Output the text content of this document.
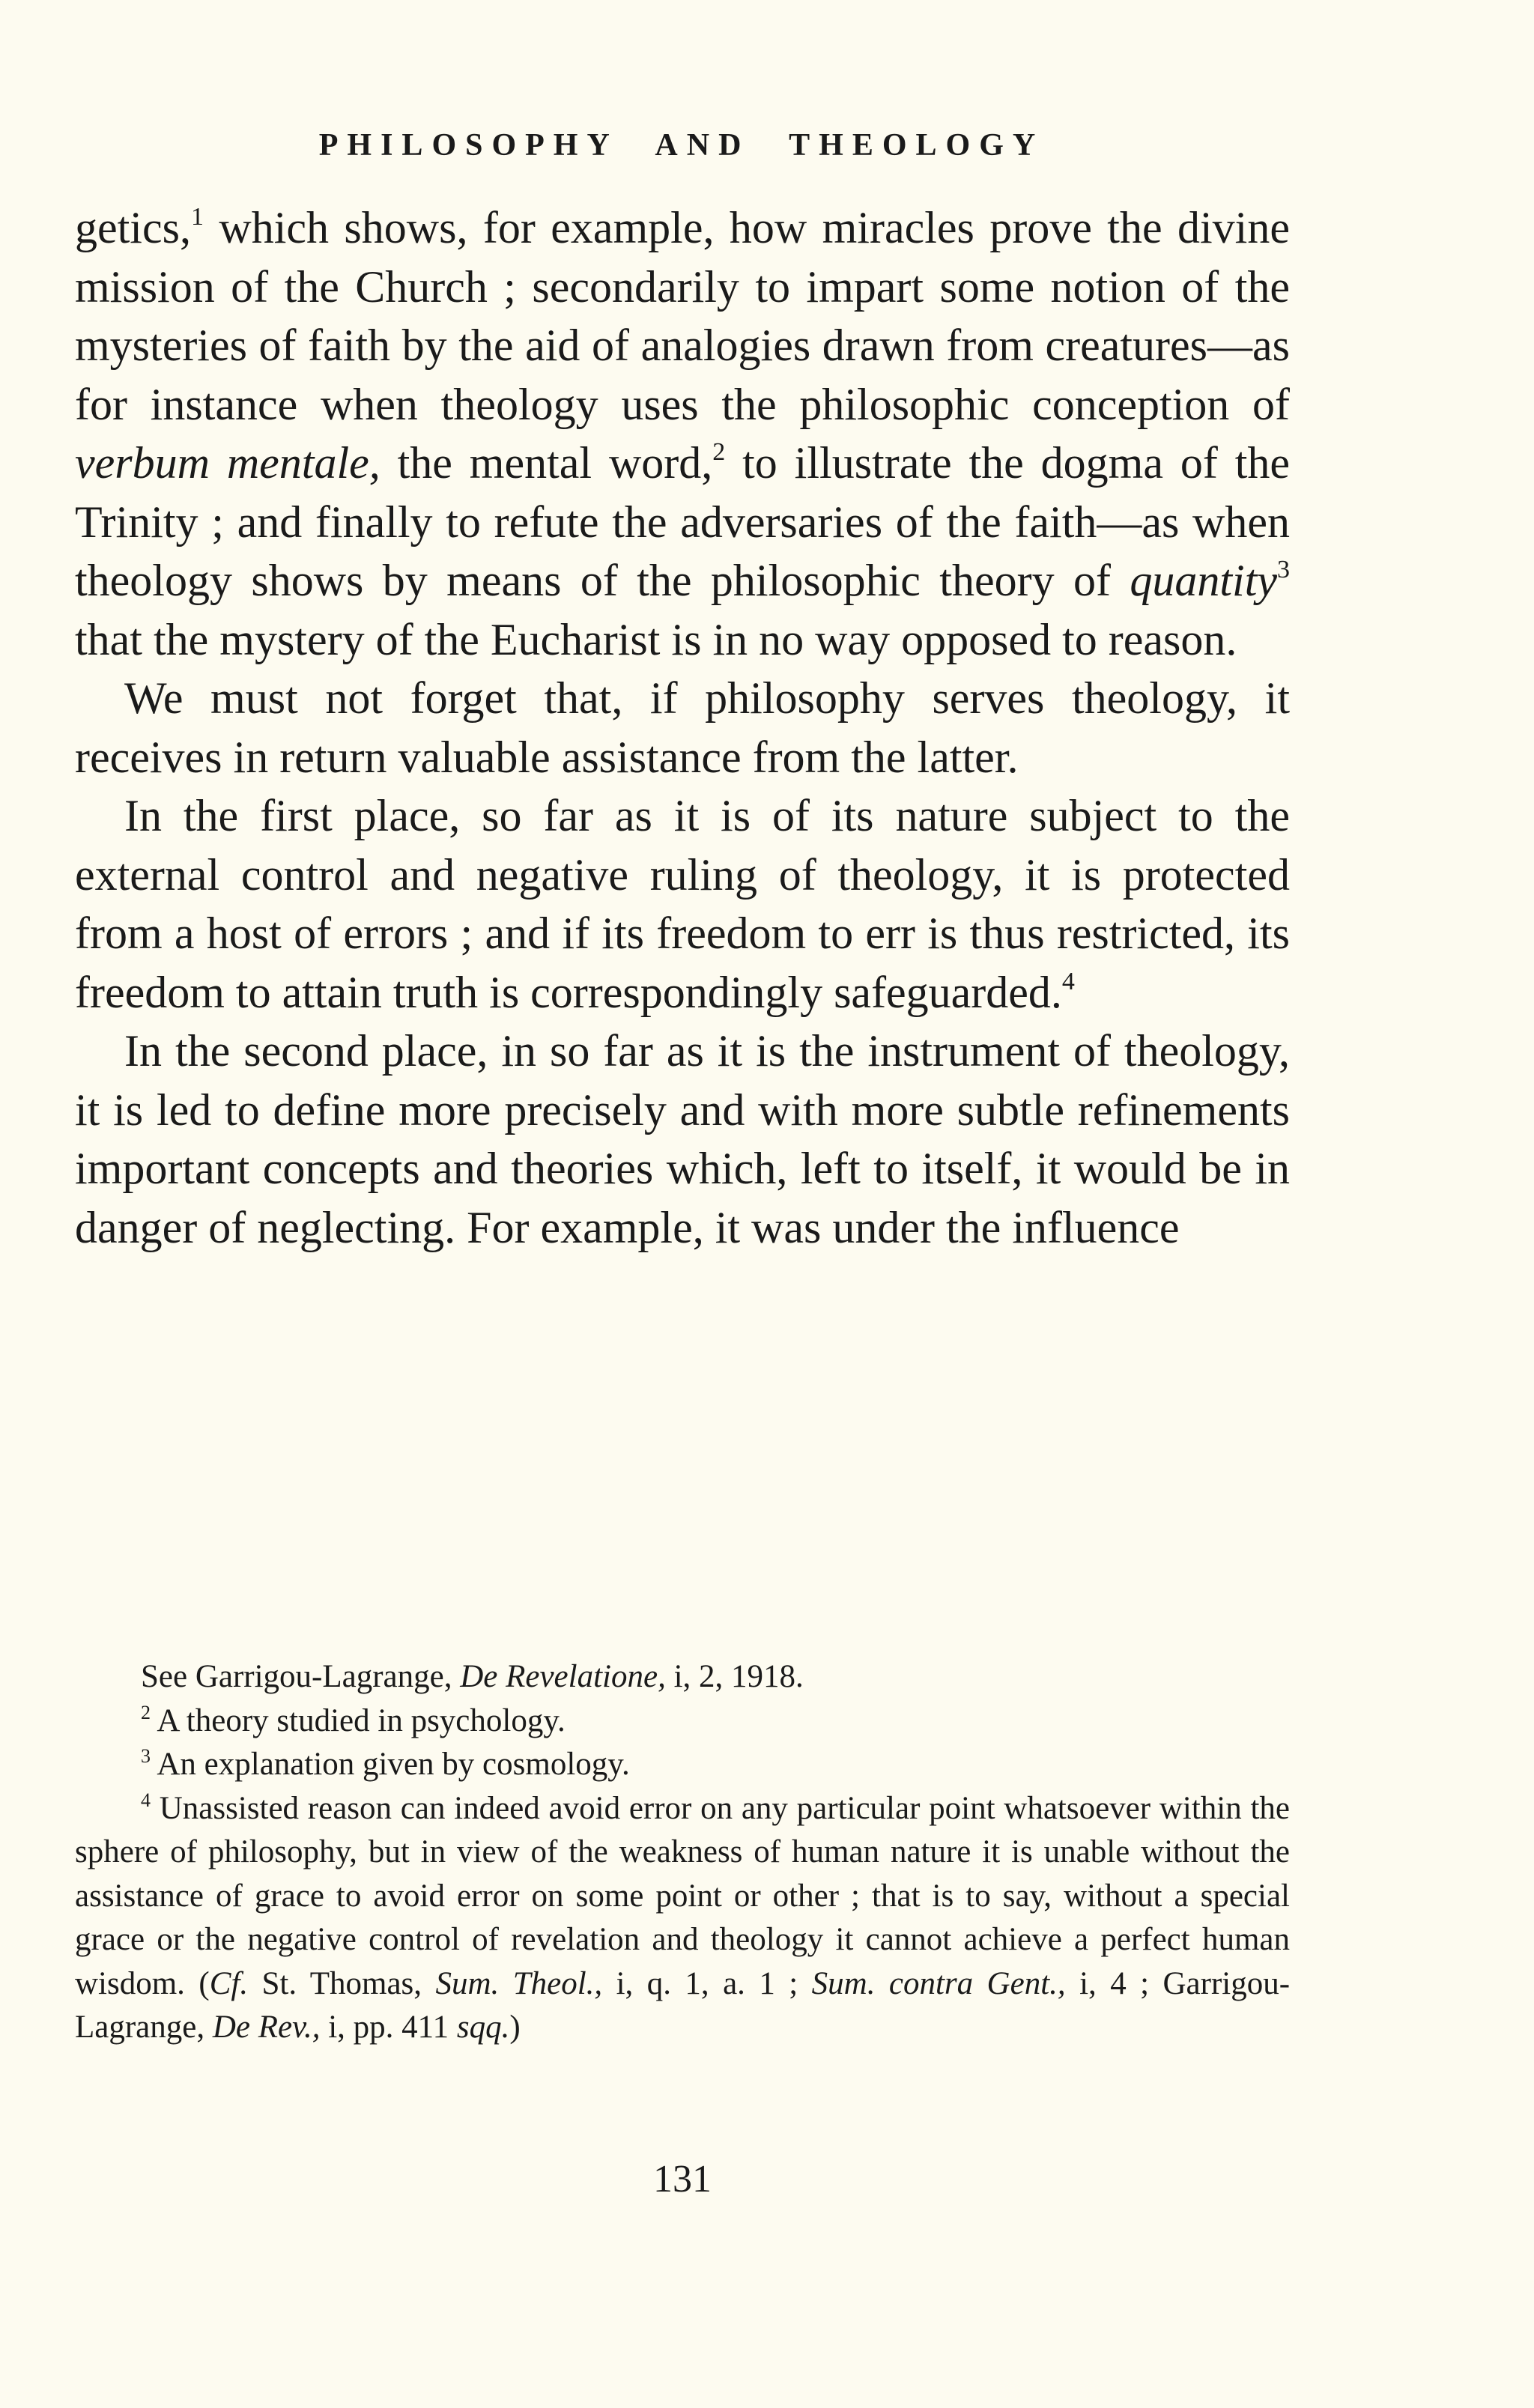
PHILOSOPHY AND THEOLOGY

getics,$^1$ which shows, for example, how miracles prove the divine mission of the Church ; secondarily to impart some notion of the mysteries of faith by the aid of analogies drawn from creatures—as for instance when theology uses the philosophic conception of verbum mentale, the mental word,$^2$ to illustrate the dogma of the Trinity ; and finally to refute the adversaries of the faith—as when theology shows by means of the philosophic theory of quantity$^3$ that the mystery of the Eucharist is in no way opposed to reason.

We must not forget that, if philosophy serves theology, it receives in return valuable assistance from the latter.

In the first place, so far as it is of its nature subject to the external control and negative ruling of theology, it is protected from a host of errors ; and if its freedom to err is thus restricted, its freedom to attain truth is correspondingly safeguarded.$^4$

In the second place, in so far as it is the instrument of theology, it is led to define more precisely and with more subtle refinements important concepts and theories which, left to itself, it would be in danger of neglecting. For example, it was under the influence

See Garrigou-Lagrange, De Revelatione, i, 2, 1918.

$^2$ A theory studied in psychology.

$^3$ An explanation given by cosmology.

$^4$ Unassisted reason can indeed avoid error on any particular point whatsoever within the sphere of philosophy, but in view of the weakness of human nature it is unable without the assistance of grace to avoid error on some point or other ; that is to say, without a special grace or the negative control of revelation and theology it cannot achieve a perfect human wisdom. (Cf. St. Thomas, Sum. Theol., i, q. 1, a. 1 ; Sum. contra Gent., i, 4 ; Garrigou-Lagrange, De Rev., i, pp. 411 sqq.)

131
